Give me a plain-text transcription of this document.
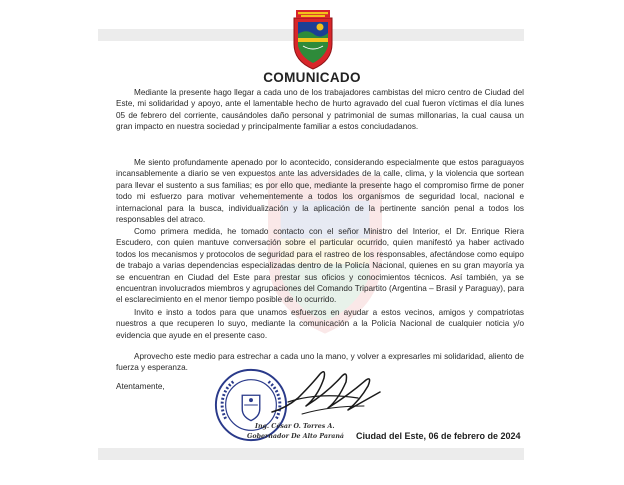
COMUNICADO

Mediante la presente hago llegar a cada uno de los trabajadores cambistas del micro centro de Ciudad del Este, mi solidaridad y apoyo, ante el lamentable hecho de hurto agravado del cual fueron víctimas el día lunes 05 de febrero del corriente, causándoles daño personal y patrimonial de sumas millonarias, la cual causa un gran impacto en nuestra sociedad y principalmente familiar a estos conciudadanos.

Me siento profundamente apenado por lo acontecido, considerando especialmente que estos paraguayos incansablemente a diario se ven expuestos ante las adversidades de la calle, clima, y la violencia que sortean para llevar el sustento a sus familias; es por ello que, mediante la presente hago el compromiso firme de poner todo mi esfuerzo para motivar vehementemente a todos los organismos de seguridad local, nacional e internacional para la busca, individualización y la aplicación de la pertinente sanción penal a todos los responsables del atraco.

Como primera medida, he tomado contacto con el señor Ministro del Interior, el Dr. Enrique Riera Escudero, con quien mantuve conversación sobre el particular ocurrido, quien manifestó ya haber activado todos los mecanismos y protocolos de seguridad para el rastreo de los responsables, afectándose como equipo de trabajo a varias dependencias especializadas dentro de la Policía Nacional, quienes en su gran mayoría ya se encuentran en Ciudad del Este para prestar sus oficios y conocimientos técnicos. Así también, ya se encuentran involucrados miembros y agrupaciones del Comando Tripartito (Argentina – Brasil y Paraguay), para el esclarecimiento en el menor tiempo posible de lo ocurrido.

Invito e insto a todos para que unamos esfuerzos en ayudar a estos vecinos, amigos y compatriotas nuestros a que recuperen lo suyo, mediante la comunicación a la Policía Nacional de cualquier noticia y/o evidencia que ayude en el presente caso.

Aprovecho este medio para estrechar a cada uno la mano, y volver a expresarles mi solidaridad, aliento de fuerza y esperanza.

Atentamente,
Ing. César O. Torres A.
Gobernador De Alto Paraná Ciudad del Este, 06 de febrero de 2024
